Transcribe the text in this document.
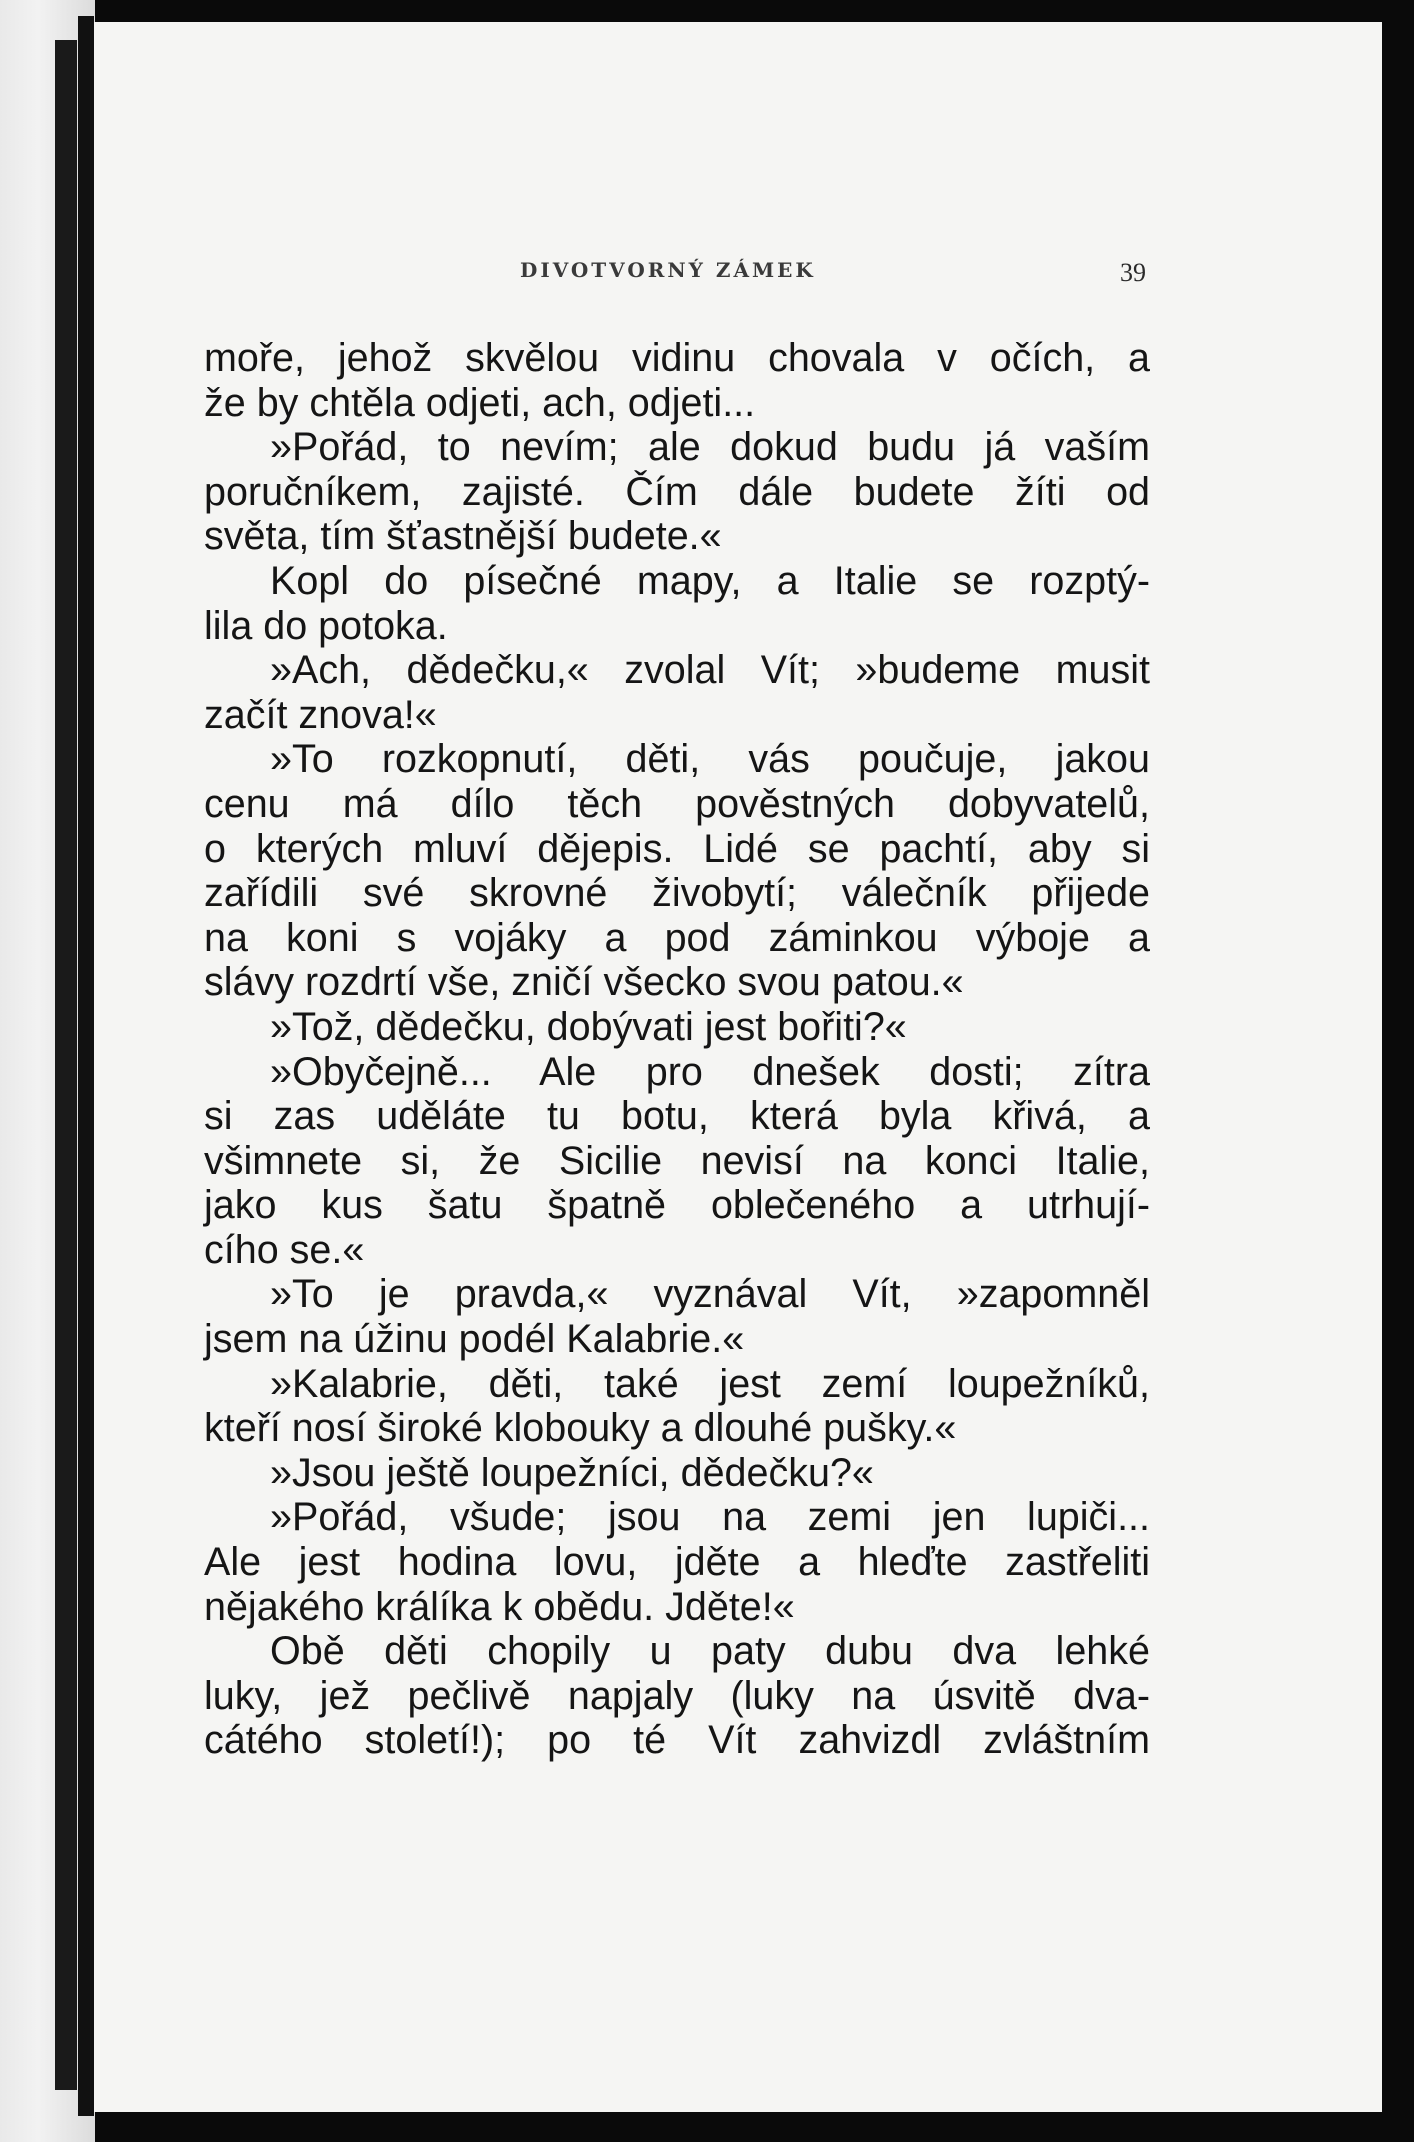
DIVOTVORNÝ ZÁMEK	39
moře, jehož skvělou vidinu chovala v očích, a
že by chtěla odjeti, ach, odjeti...
»Pořád, to nevím; ale dokud budu já vaším
poručníkem, zajisté. Čím dále budete žíti od
světa, tím šťastnější budete.«
Kopl do písečné mapy, a Italie se rozptý-
lila do potoka.
»Ach, dědečku,« zvolal Vít; »budeme musit
začít znova!«
»To rozkopnutí, děti, vás poučuje, jakou
cenu má dílo těch pověstných dobyvatelů,
o kterých mluví dějepis. Lidé se pachtí, aby si
zařídili své skrovné živobytí; válečník přijede
na koni s vojáky a pod záminkou výboje a
slávy rozdrtí vše, zničí všecko svou patou.«
»Tož, dědečku, dobývati jest bořiti?«
»Obyčejně... Ale pro dnešek dosti; zítra
si zas uděláte tu botu, která byla křivá, a
všimnete si, že Sicilie nevisí na konci Italie,
jako kus šatu špatně oblečeného a utrhují-
cího se.«
»To je pravda,« vyznával Vít, »zapomněl
jsem na úžinu podél Kalabrie.«
»Kalabrie, děti, také jest zemí loupežníků,
kteří nosí široké klobouky a dlouhé pušky.«
»Jsou ještě loupežníci, dědečku?«
»Pořád, všude; jsou na zemi jen lupiči...
Ale jest hodina lovu, jděte a hleďte zastřeliti
nějakého králíka k obědu. Jděte!«
Obě děti chopily u paty dubu dva lehké
luky, jež pečlivě napjaly (luky na úsvitě dva-
cátého století!); po té Vít zahvizdl zvláštním
